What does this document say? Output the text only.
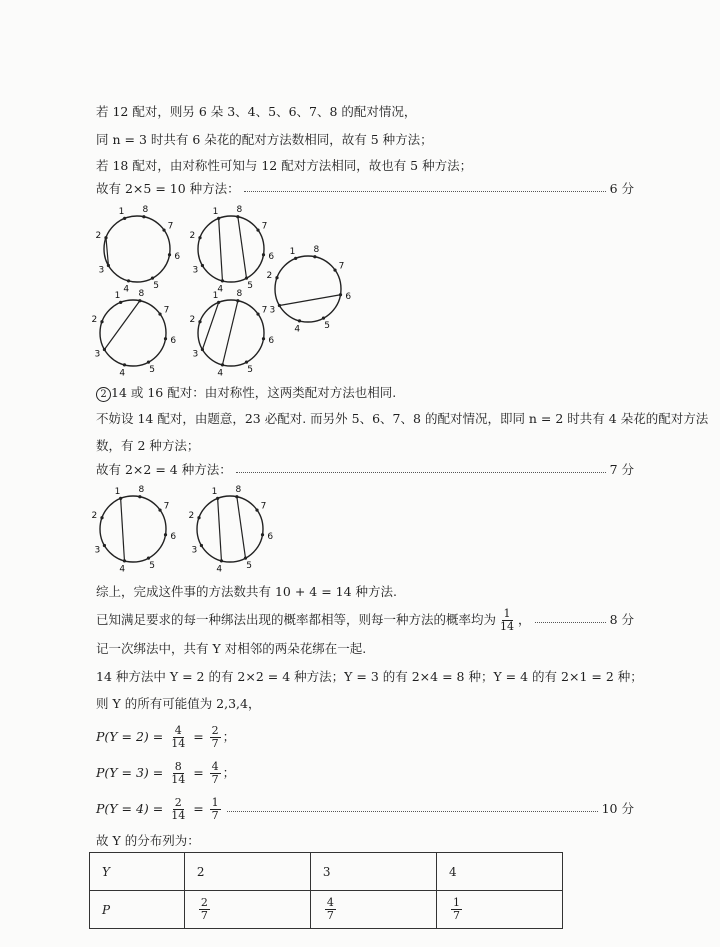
若 12 配对，则另 6 朵 3、4、5、6、7、8 的配对情况，
同 n = 3 时共有 6 朵花的配对方法数相同，故有 5 种方法；
若 18 配对，由对称性可知与 12 配对方法相同，故也有 5 种方法；
故有 2×5 = 10 种方法：	6 分
1
2
3
4	5
6
7
8	1
2
3
4	5
6
7
8
1
2
3
4	5
6
7
8
1
2
3
4	5
6
7
8	1
2
3
4	5
6
7
8
1
2
3
4	5
6
7
8	1
2
3
4	5
6
7
8
2 14 或 16 配对：由对称性，这两类配对方法也相同.
不妨设 14 配对，由题意，23 必配对. 而另外 5、6、7、8 的配对情况，即同 n = 2 时共有 4 朵花的配对方法
数，有 2 种方法；
故有 2×2 = 4 种方法：	7 分
综上，完成这件事的方法数共有 10 + 4 = 14 种方法.
已知满足要求的每一种绑法出现的概率都相等，则每一种方法的概率均为 $\frac{1}{14}$ ，	8 分
记一次绑法中，共有 Y 对相邻的两朵花绑在一起.
14 种方法中 Y = 2 的有 2×2 = 4 种方法；Y = 3 的有 2×4 = 8 种；Y = 4 的有 2×1 = 2 种；
则 Y 的所有可能值为 2,3,4，
$P(Y = 2) = \frac{4}{14} = \frac{2}{7}$ ；
$P(Y = 3) = \frac{8}{14} = \frac{4}{7}$ ；
$P(Y = 4) = \frac{2}{14} = \frac{1}{7}$	10 分
故 Y 的分布列为：
Y	2	3	4
P	$\frac{2}{7}$	$\frac{4}{7}$	$\frac{1}{7}$
